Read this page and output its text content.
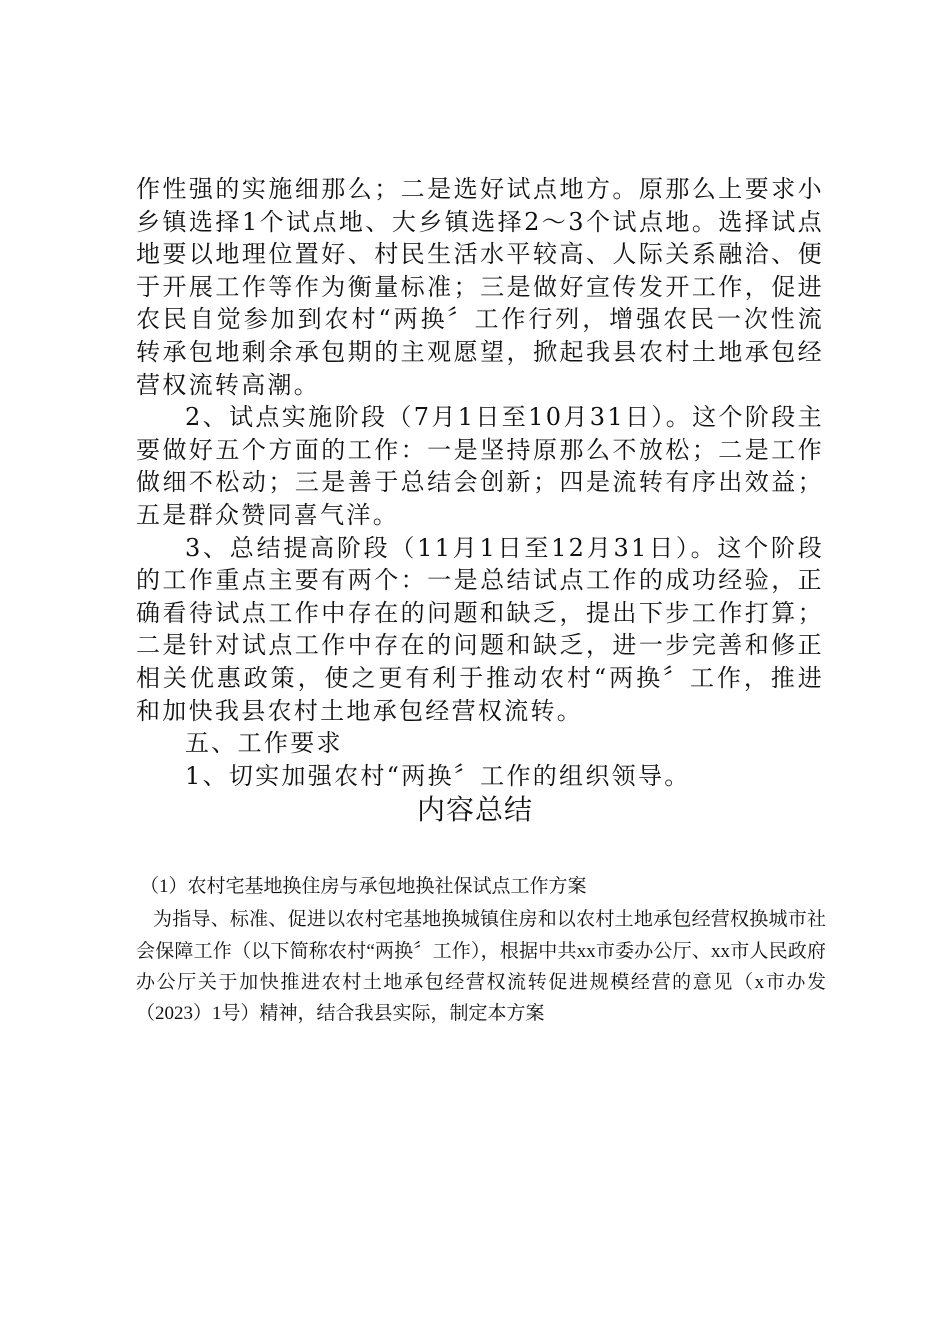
作性强的实施细那么；二是选好试点地方。原那么上要求小乡镇选择1个试点地、大乡镇选择2～3个试点地。选择试点地要以地理位置好、村民生活水平较高、人际关系融洽、便于开展工作等作为衡量标准；三是做好宣传发开工作，促进农民自觉参加到农村“两换〞工作行列，增强农民一次性流转承包地剩余承包期的主观愿望，掀起我县农村土地承包经营权流转高潮。

2、试点实施阶段（7月1日至10月31日）。这个阶段主要做好五个方面的工作：一是坚持原那么不放松；二是工作做细不松动；三是善于总结会创新；四是流转有序出效益；五是群众赞同喜气洋。

3、总结提高阶段（11月1日至12月31日）。这个阶段的工作重点主要有两个：一是总结试点工作的成功经验，正确看待试点工作中存在的问题和缺乏，提出下步工作打算；二是针对试点工作中存在的问题和缺乏，进一步完善和修正相关优惠政策，使之更有利于推动农村“两换〞工作，推进和加快我县农村土地承包经营权流转。

五、工作要求

1、切实加强农村“两换〞工作的组织领导。

内容总结

（1）农村宅基地换住房与承包地换社保试点工作方案

为指导、标准、促进以农村宅基地换城镇住房和以农村土地承包经营权换城市社会保障工作（以下简称农村“两换〞工作），根据中共xx市委办公厅、xx市人民政府办公厅关于加快推进农村土地承包经营权流转促进规模经营的意见（x市办发（2023）1号）精神，结合我县实际，制定本方案
